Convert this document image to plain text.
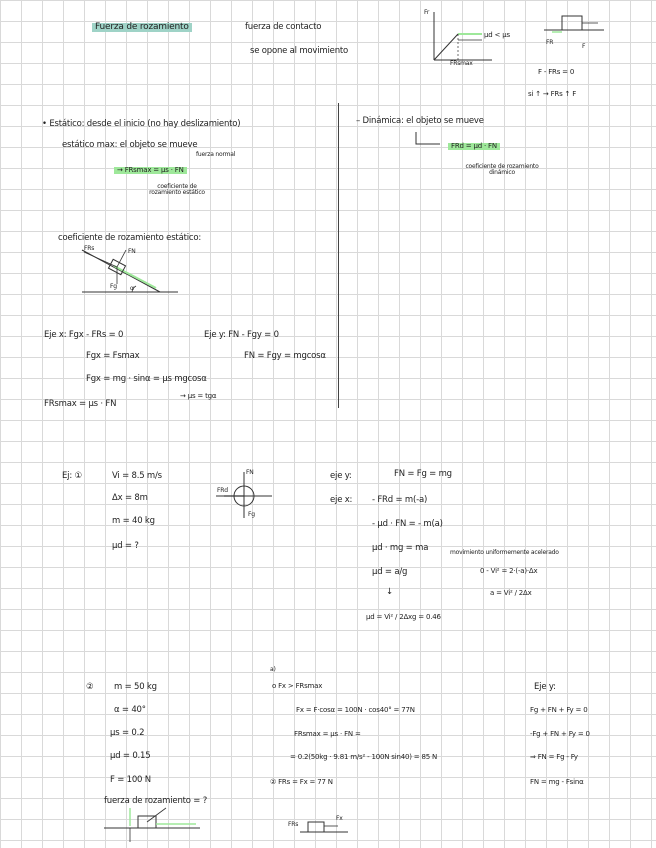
Fuerza de rozamiento	fuerza de contacto
se opone al movimiento
Fr
FRsmax
μd < μs
F
FR
F - FRs = 0
si ↑ → FRs ↑ F
• Estático: desde el inicio (no hay deslizamiento)
estático max: el objeto se mueve
→ FRsmax = μs · FN
fuerza normal
coeficiente de rozamiento estático
– Dinámica: el objeto se mueve
FRd = μd · FN
coeficiente de rozamiento dinámico
coeficiente de rozamiento estático:
FRs	FN
Fg α
Eje x: Fgx - FRs = 0
Fgx = Fsmax
Fgx = mg · sinα = μs mgcosα
→ μs = tgα
FRsmax = μs · FN
Eje y: FN - Fgy = 0
FN = Fgy = mgcosα
Ej: ①	Vi = 8.5 m/s
Δx = 8m
m = 40 kg
μd = ?
FN
FRd
Fg
eje y:	FN = Fg = mg
eje x: - FRd = m(-a)
- μd · FN = - m(a)
μd · mg = ma
μd = a/g
movimiento uniformemente acelerado
0 - Vi² = 2·(-a)·Δx
↓	a = Vi² / 2Δx
μd = Vi² / 2Δxg = 0.46
② m = 50 kg
α = 40°
μs = 0.2
μd = 0.15
F = 100 N
fuerza de rozamiento = ?
a)
o Fx > FRsmax
Fx = F·cosα = 100N · cos40° = 77N
FRsmax = μs · FN =
= 0.2(50kg · 9.81 m/s² - 100N sin40) = 85 N
② FRs = Fx = 77 N
FRs
Fx
Eje y:
Fg + FN + Fy = 0
-Fg + FN + Fy = 0
⇒ FN = Fg - Fy
FN = mg - Fsinα
